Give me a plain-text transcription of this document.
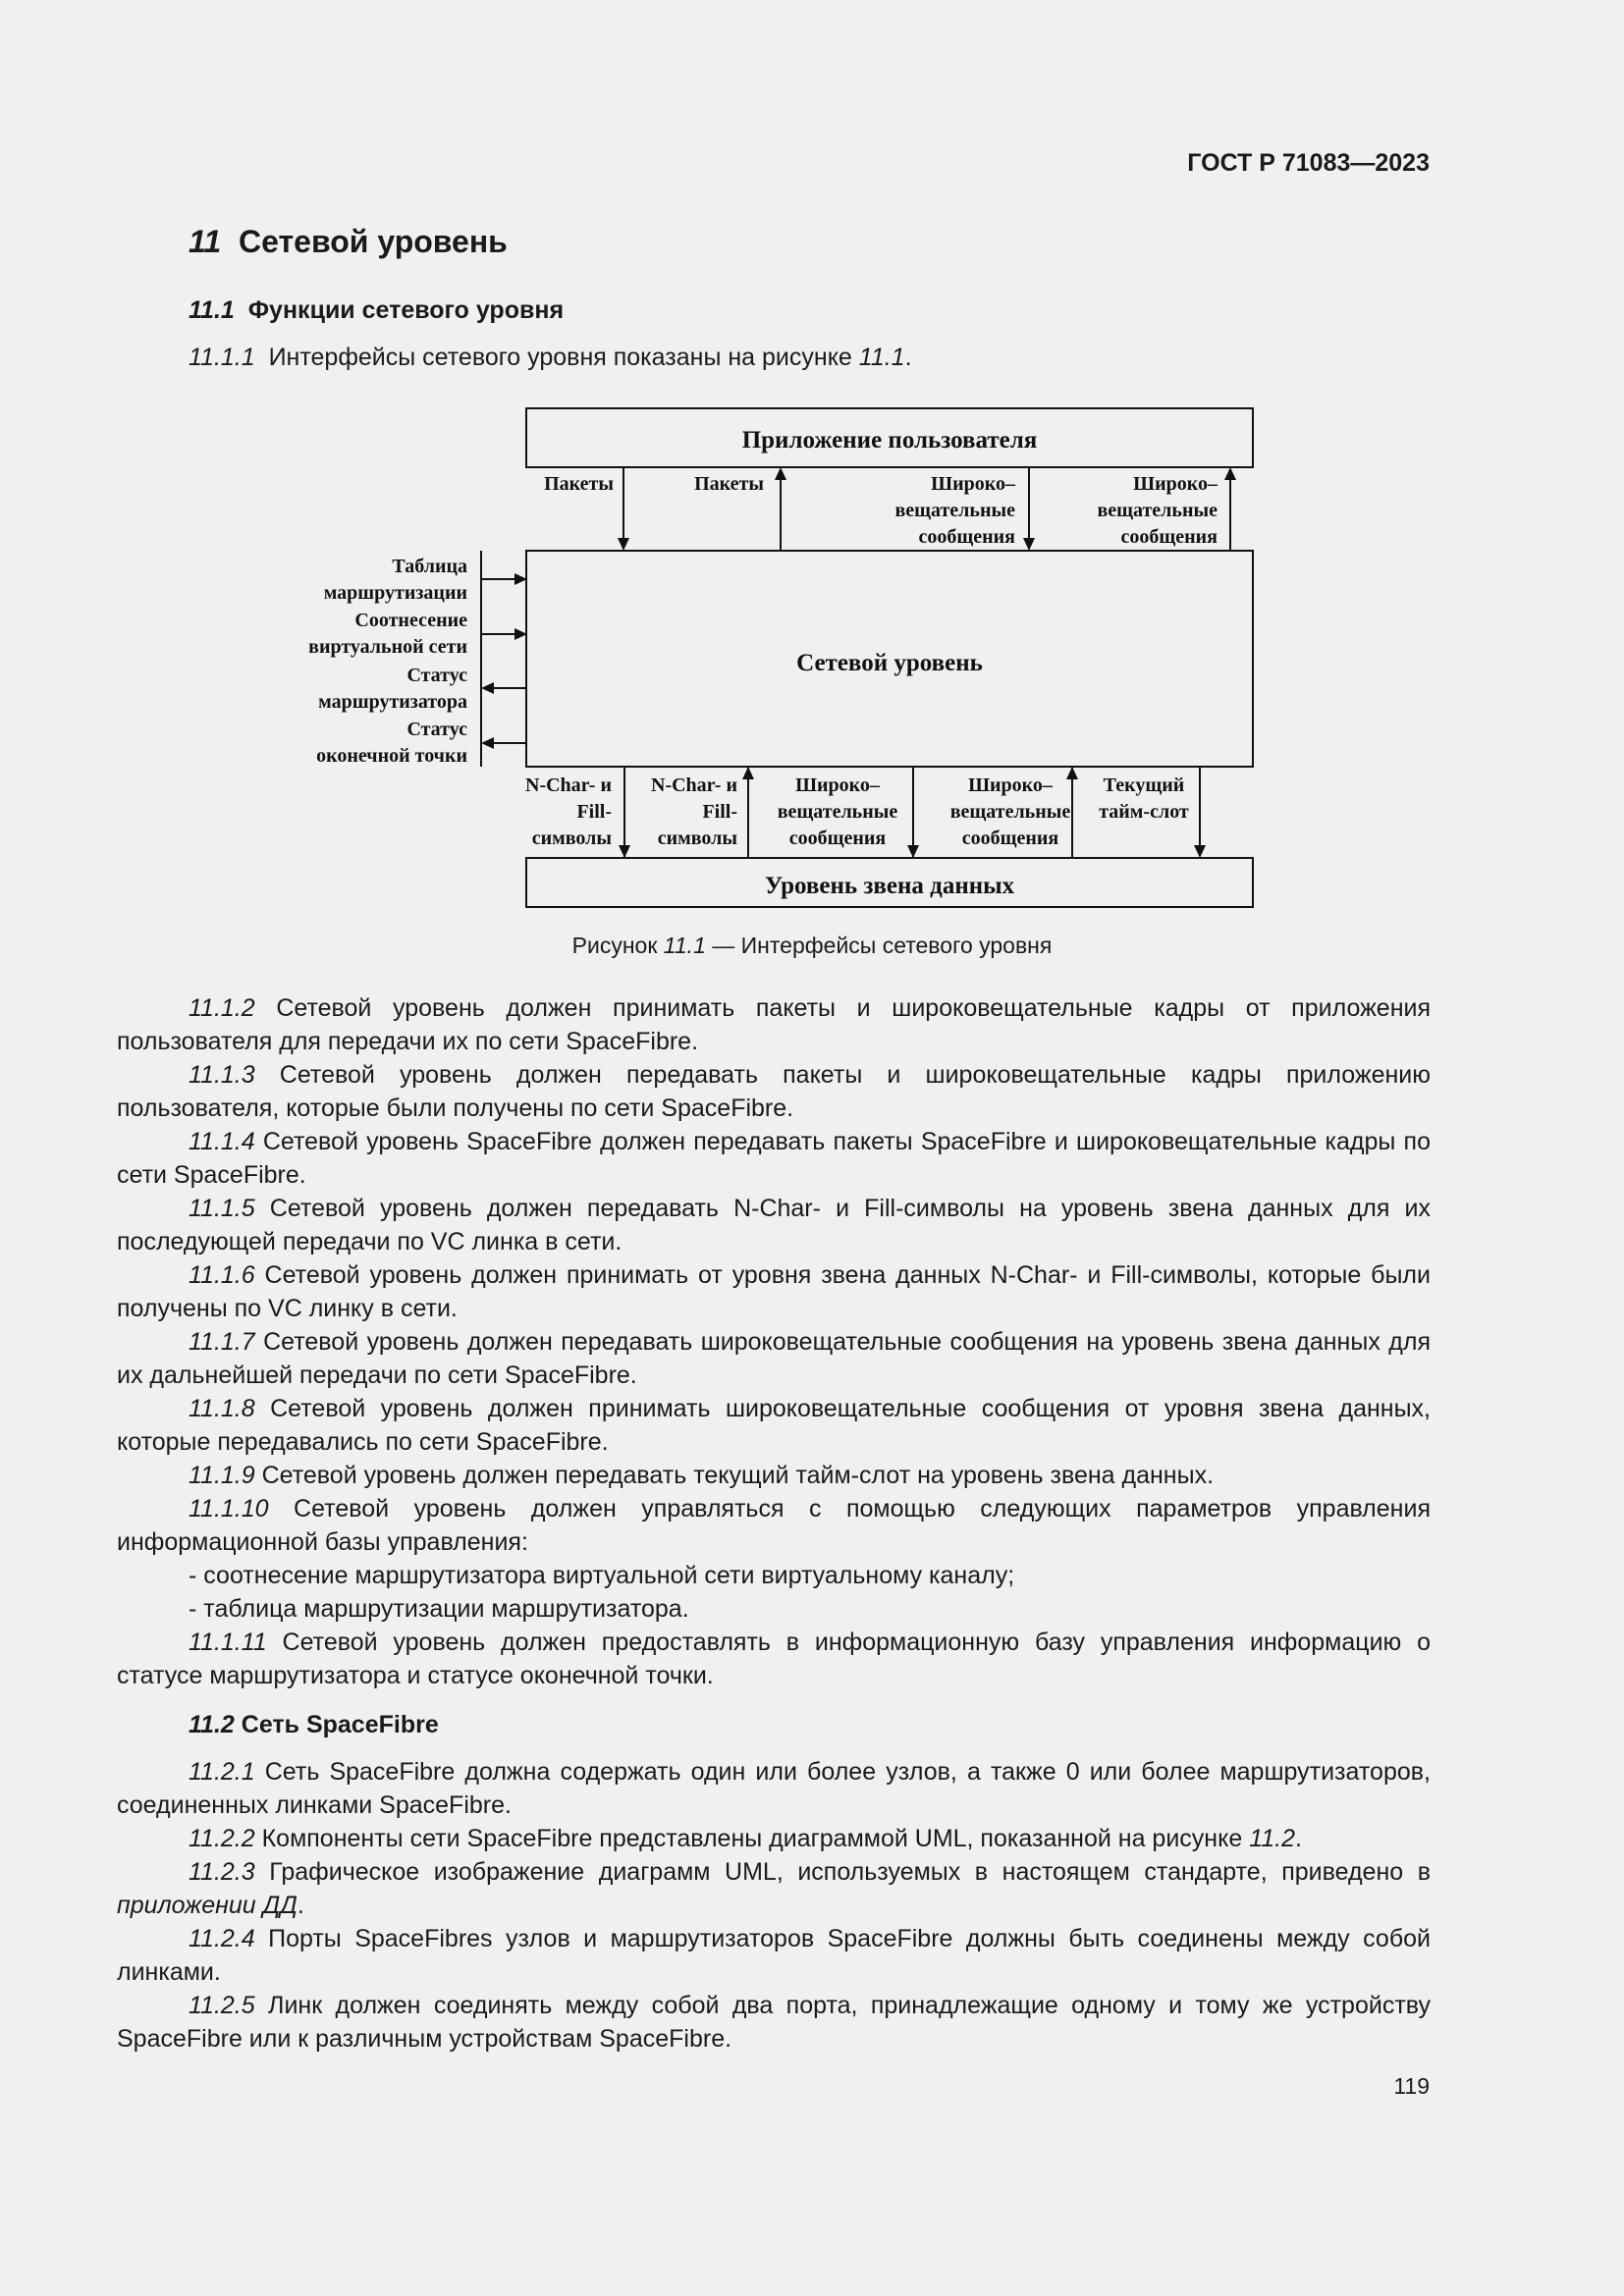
ГОСТ Р 71083—2023
11 Сетевой уровень
11.1 Функции сетевого уровня
11.1.1 Интерфейсы сетевого уровня показаны на рисунке 11.1.
Приложение пользователя
Сетевой уровень
Уровень звена данных
Пакеты	Пакеты	Широко–
вещательные
сообщения
Широко–
вещательные
сообщения
Таблица
маршрутизации
Соотнесение
виртуальной сети
Статус
маршрутизатора
Статус
оконечной точки
N-Char- и
Fill-
символы
N-Char- и
Fill-
символы
Широко–
вещательные
сообщения
Широко–
вещательные
сообщения
Текущий
тайм-слот
Рисунок 11.1 — Интерфейсы сетевого уровня

11.1.2 Сетевой уровень должен принимать пакеты и широковещательные кадры от приложения пользователя для передачи их по сети SpaceFibre.

11.1.3 Сетевой уровень должен передавать пакеты и широковещательные кадры приложению пользователя, которые были получены по сети SpaceFibre.

11.1.4 Сетевой уровень SpaceFibre должен передавать пакеты SpaceFibre и широковещательные кадры по сети SpaceFibre.

11.1.5 Сетевой уровень должен передавать N-Char- и Fill-символы на уровень звена данных для их последующей передачи по VC линка в сети.

11.1.6 Сетевой уровень должен принимать от уровня звена данных N-Char- и Fill-символы, которые были получены по VC линку в сети.

11.1.7 Сетевой уровень должен передавать широковещательные сообщения на уровень звена данных для их дальнейшей передачи по сети SpaceFibre.

11.1.8 Сетевой уровень должен принимать широковещательные сообщения от уровня звена данных, которые передавались по сети SpaceFibre.

11.1.9 Сетевой уровень должен передавать текущий тайм-слот на уровень звена данных.

11.1.10 Сетевой уровень должен управляться с помощью следующих параметров управления информационной базы управления:

- соотнесение маршрутизатора виртуальной сети виртуальному каналу;

- таблица маршрутизации маршрутизатора.

11.1.11 Сетевой уровень должен предоставлять в информационную базу управления информацию о статусе маршрутизатора и статусе оконечной точки.

11.2 Сеть SpaceFibre

11.2.1 Сеть SpaceFibre должна содержать один или более узлов, а также 0 или более маршрутизаторов, соединенных линками SpaceFibre.

11.2.2 Компоненты сети SpaceFibre представлены диаграммой UML, показанной на рисунке 11.2.

11.2.3 Графическое изображение диаграмм UML, используемых в настоящем стандарте, приведено в приложении ДД.

11.2.4 Порты SpaceFibres узлов и маршрутизаторов SpaceFibre должны быть соединены между собой линками.

11.2.5 Линк должен соединять между собой два порта, принадлежащие одному и тому же устройству SpaceFibre или к различным устройствам SpaceFibre.

119
